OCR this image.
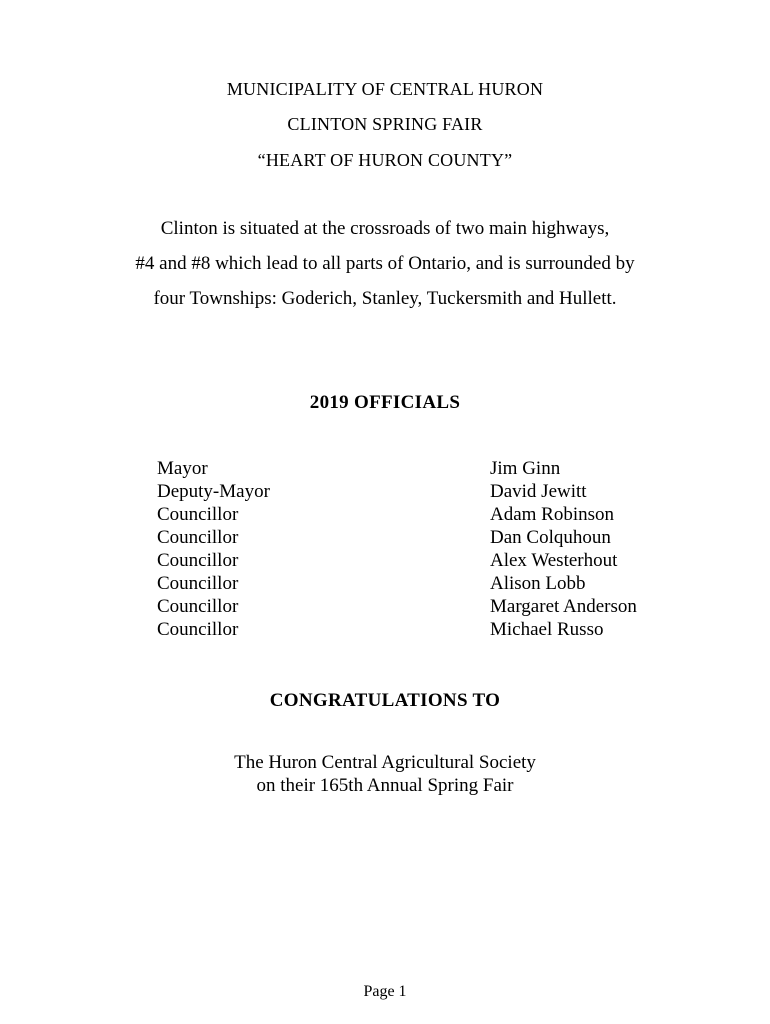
MUNICIPALITY OF CENTRAL HURON
CLINTON SPRING FAIR
“HEART OF HURON COUNTY”
Clinton is situated at the crossroads of two main highways,
#4 and #8 which lead to all parts of Ontario, and is surrounded by
four Townships: Goderich, Stanley, Tuckersmith and Hullett.
2019 OFFICIALS
Mayor	Jim Ginn
Deputy-Mayor	David Jewitt
Councillor	Adam Robinson
Councillor	Dan Colquhoun
Councillor	Alex Westerhout
Councillor	Alison Lobb
Councillor	Margaret Anderson
Councillor	Michael Russo
CONGRATULATIONS TO
The Huron Central Agricultural Society
on their 165th Annual Spring Fair
Page 1
